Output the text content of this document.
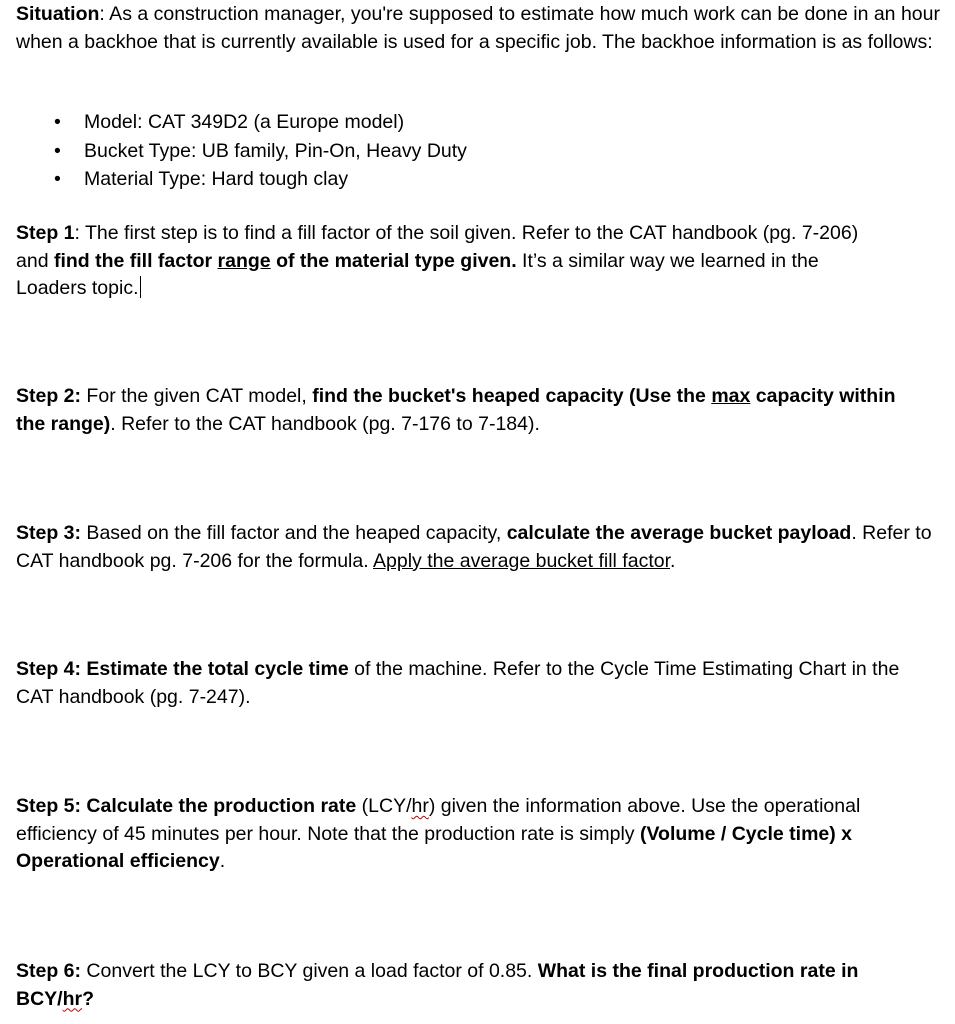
Situation: As a construction manager, you're supposed to estimate how much work can be done in an hour when a backhoe that is currently available is used for a specific job. The backhoe information is as follows:

• Model: CAT 349D2 (a Europe model)
• Bucket Type: UB family, Pin-On, Heavy Duty
• Material Type: Hard tough clay

Step 1: The first step is to find a fill factor of the soil given. Refer to the CAT handbook (pg. 7-206) and find the fill factor range of the material type given. It’s a similar way we learned in the Loaders topic.

Step 2: For the given CAT model, find the bucket's heaped capacity (Use the max capacity within the range). Refer to the CAT handbook (pg. 7-176 to 7-184).

Step 3: Based on the fill factor and the heaped capacity, calculate the average bucket payload. Refer to CAT handbook pg. 7-206 for the formula. Apply the average bucket fill factor.

Step 4: Estimate the total cycle time of the machine. Refer to the Cycle Time Estimating Chart in the CAT handbook (pg. 7-247).

Step 5: Calculate the production rate (LCY/hr) given the information above. Use the operational efficiency of 45 minutes per hour. Note that the production rate is simply (Volume / Cycle time) x Operational efficiency.

Step 6: Convert the LCY to BCY given a load factor of 0.85. What is the final production rate in BCY/hr?
